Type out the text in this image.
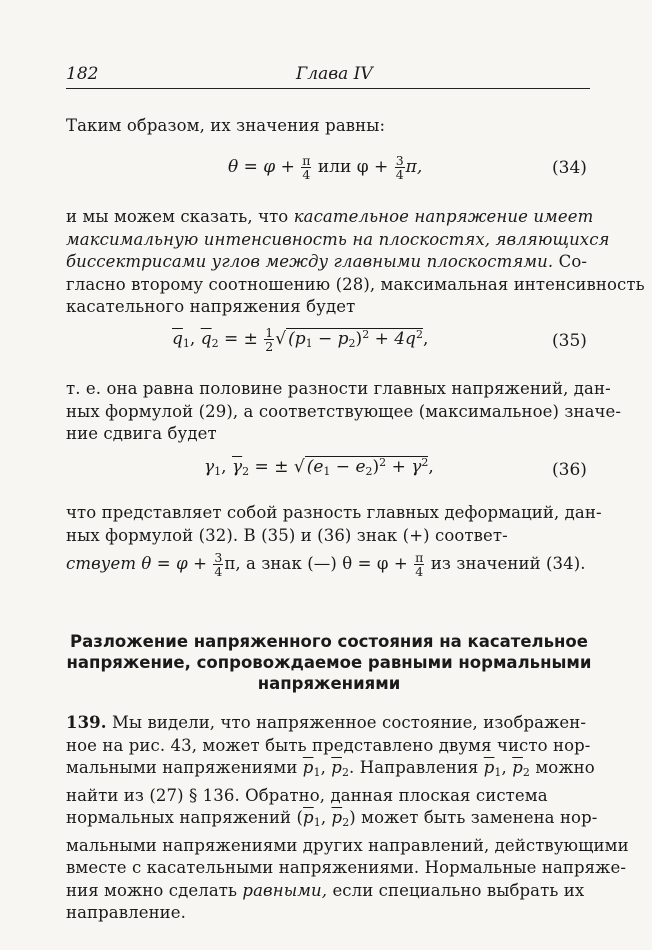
182	Глава IV
Таким образом, их значения равны:
$\theta = \varphi + \frac{\pi}{4}$ или $\varphi + \frac{3}{4} \pi$,	(34)
и мы можем сказать, что касательное напряжение имеет
максимальную интенсивность на плоскостях, являющихся
биссектрисами углов между главными плоскостями. Со-
гласно второму соотношению (28), максимальная интенсивность
касательного напряжения будет
$\overline{q}_1$, $\overline{q}_2$ = ± $\frac{1}{2}$ √ $(p_1 - p_2)^2 + 4q^2$,	(35)
т. е. она равна половине разности главных напряжений, дан-
ных формулой (29), а соответствующее (максимальное) значе-
ние сдвига будет
$\gamma_1$, $\overline{\gamma}_2$ = ± √ $(e_1 - e_2)^2 + \gamma^2$,	(36)
что представляет собой разность главных деформаций, дан-
ных формулой (32). В (35) и (36) знак (+) соответ-
ствует $\theta = \varphi + \frac{3}{4} \pi$, а знак (—) $\theta = \varphi + \frac{\pi}{4}$ из значений (34).
Разложение напряженного состояния на касательное
напряжение, сопровождаемое равными нормальными
напряжениями
139. Мы видели, что напряженное состояние, изображен-
ное на рис. 43, может быть представлено двумя чисто нор-
мальными напряжениями $\overline{p}_1$, $\overline{p}_2$. Направления $\overline{p}_1$, $\overline{p}_2$ можно
найти из (27) § 136. Обратно, данная плоская система
нормальных напряжений ($\overline{p}_1$, $\overline{p}_2$) может быть заменена нор-
мальными напряжениями других направлений, действующими
вместе с касательными напряжениями. Нормальные напряже-
ния можно сделать равными, если специально выбрать их
направление.
